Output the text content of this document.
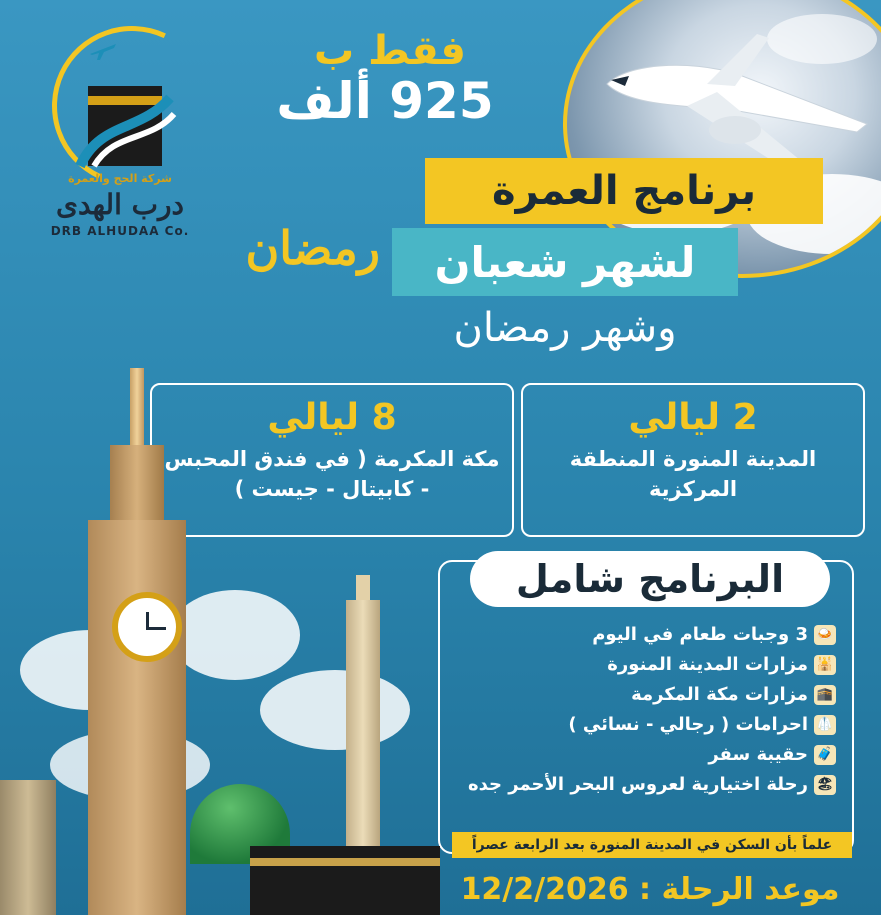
شركة الحج والعمرة
درب الهدى
DRB ALHUDAA Co.
فقط ب
925 ألف
برنامج العمرة
لشهر شعبان
وشهر رمضان
رمضان
2 ليالي
المدينة المنورة المنطقة المركزية
8 ليالي
مكة المكرمة ( في فندق المحبس - كابيتال - جيست )
البرنامج شامل
🍛
3 وجبات طعام في اليوم
🕌
مزارات المدينة المنورة
🕋
مزارات مكة المكرمة
🥼
احرامات ( رجالي - نسائي )
🧳
حقيبة سفر
🏖
رحلة اختيارية لعروس البحر الأحمر جده
علماً بأن السكن في المدينة المنورة بعد الرابعة عصراً
موعد الرحلة : 12/2/2026
